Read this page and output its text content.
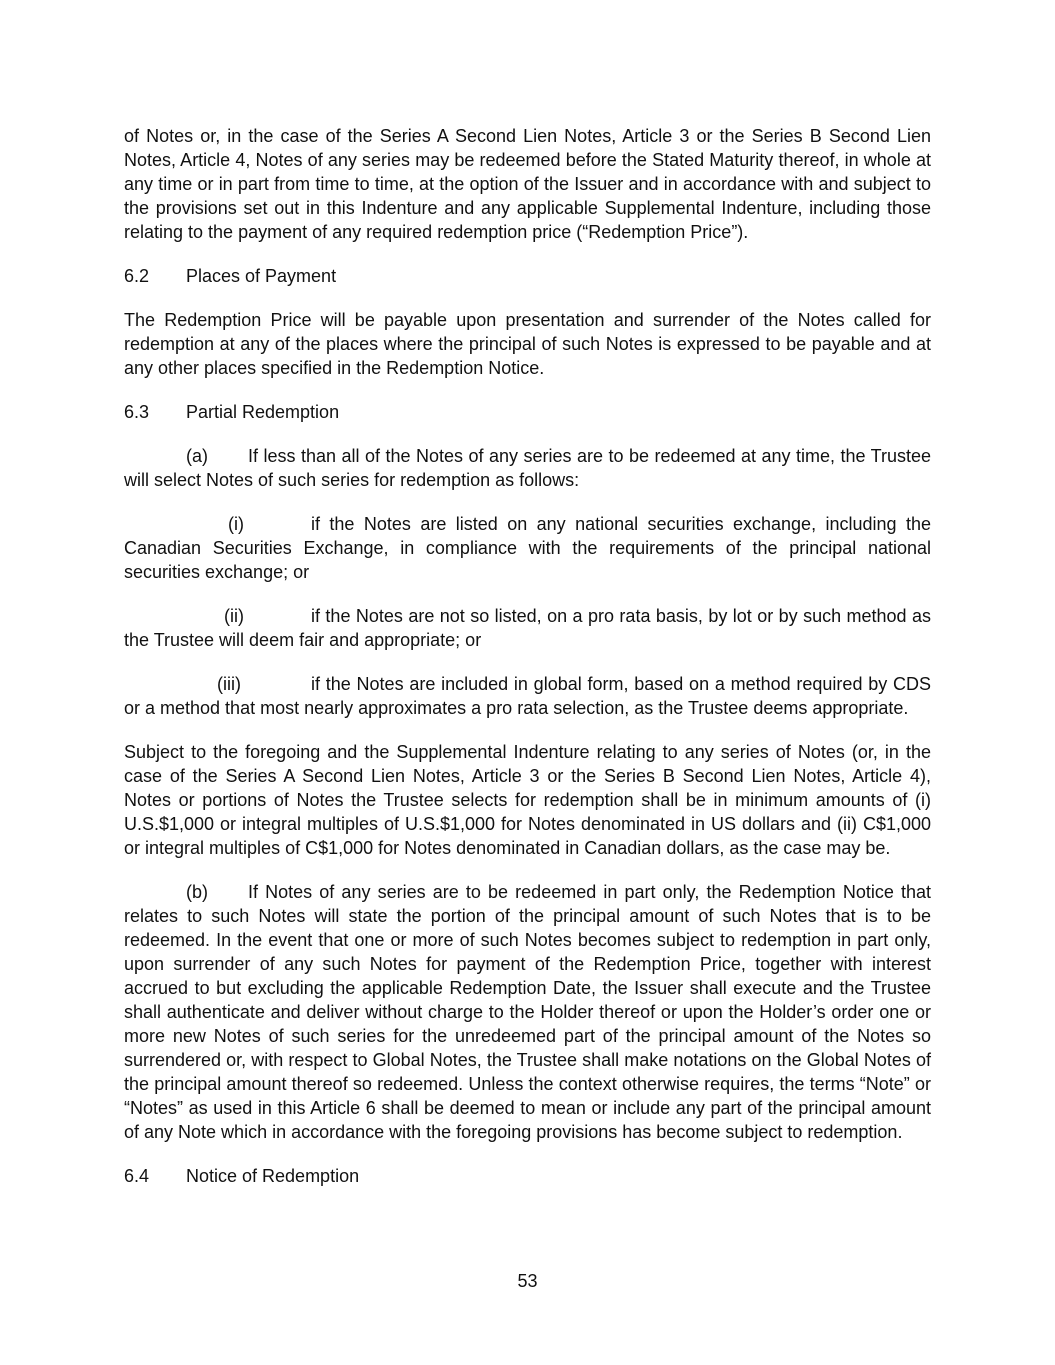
of Notes or, in the case of the Series A Second Lien Notes, Article 3 or the Series B Second Lien Notes, Article 4, Notes of any series may be redeemed before the Stated Maturity thereof, in whole at any time or in part from time to time, at the option of the Issuer and in accordance with and subject to the provisions set out in this Indenture and any applicable Supplemental Indenture, including those relating to the payment of any required redemption price (“Redemption Price”).

6.2	Places of Payment

The Redemption Price will be payable upon presentation and surrender of the Notes called for redemption at any of the places where the principal of such Notes is expressed to be payable and at any other places specified in the Redemption Notice.

6.3	Partial Redemption

(a) If less than all of the Notes of any series are to be redeemed at any time, the Trustee will select Notes of such series for redemption as follows:

(i)	if the Notes are listed on any national securities exchange, including the Canadian Securities Exchange, in compliance with the requirements of the principal national securities exchange; or

(ii)	if the Notes are not so listed, on a pro rata basis, by lot or by such method as the Trustee will deem fair and appropriate; or

(iii)	if the Notes are included in global form, based on a method required by CDS or a method that most nearly approximates a pro rata selection, as the Trustee deems appropriate.

Subject to the foregoing and the Supplemental Indenture relating to any series of Notes (or, in the case of the Series A Second Lien Notes, Article 3 or the Series B Second Lien Notes, Article 4), Notes or portions of Notes the Trustee selects for redemption shall be in minimum amounts of (i) U.S.$1,000 or integral multiples of U.S.$1,000 for Notes denominated in US dollars and (ii) C$1,000 or integral multiples of C$1,000 for Notes denominated in Canadian dollars, as the case may be.

(b) If Notes of any series are to be redeemed in part only, the Redemption Notice that relates to such Notes will state the portion of the principal amount of such Notes that is to be redeemed. In the event that one or more of such Notes becomes subject to redemption in part only, upon surrender of any such Notes for payment of the Redemption Price, together with interest accrued to but excluding the applicable Redemption Date, the Issuer shall execute and the Trustee shall authenticate and deliver without charge to the Holder thereof or upon the Holder’s order one or more new Notes of such series for the unredeemed part of the principal amount of the Notes so surrendered or, with respect to Global Notes, the Trustee shall make notations on the Global Notes of the principal amount thereof so redeemed. Unless the context otherwise requires, the terms “Note” or “Notes” as used in this Article 6 shall be deemed to mean or include any part of the principal amount of any Note which in accordance with the foregoing provisions has become subject to redemption.

6.4	Notice of Redemption
53
